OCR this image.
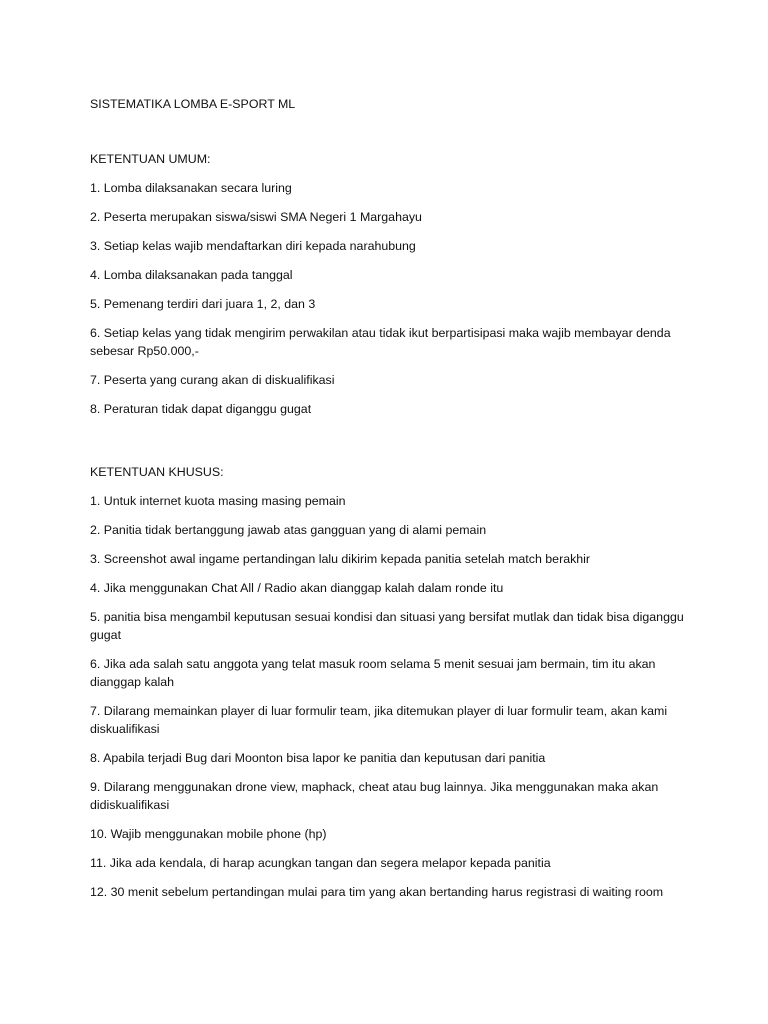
SISTEMATIKA LOMBA E-SPORT ML
KETENTUAN UMUM:
1. Lomba dilaksanakan secara luring
2. Peserta merupakan siswa/siswi SMA Negeri 1 Margahayu
3. Setiap kelas wajib mendaftarkan diri kepada narahubung
4. Lomba dilaksanakan pada tanggal
5. Pemenang terdiri dari juara 1, 2, dan 3
6. Setiap kelas yang tidak mengirim perwakilan atau tidak ikut berpartisipasi maka wajib membayar denda sebesar Rp50.000,-
7. Peserta yang curang akan di diskualifikasi
8. Peraturan tidak dapat diganggu gugat
KETENTUAN KHUSUS:
1. Untuk internet kuota masing masing pemain
2. Panitia tidak bertanggung jawab atas gangguan yang di alami pemain
3. Screenshot awal ingame pertandingan lalu dikirim kepada panitia setelah match berakhir
4. Jika menggunakan Chat All / Radio akan dianggap kalah dalam ronde itu
5. panitia bisa mengambil keputusan sesuai kondisi dan situasi yang bersifat mutlak dan tidak bisa diganggu gugat
6. Jika ada salah satu anggota yang telat masuk room selama 5 menit sesuai jam bermain, tim itu akan dianggap kalah
7. Dilarang memainkan player di luar formulir team, jika ditemukan player di luar formulir team, akan kami diskualifikasi
8. Apabila terjadi Bug dari Moonton bisa lapor ke panitia dan keputusan dari panitia
9. Dilarang menggunakan drone view, maphack, cheat atau bug lainnya. Jika menggunakan maka akan didiskualifikasi
10. Wajib menggunakan mobile phone (hp)
11. Jika ada kendala, di harap acungkan tangan dan segera melapor kepada panitia
12. 30 menit sebelum pertandingan mulai para tim yang akan bertanding harus registrasi di waiting room
